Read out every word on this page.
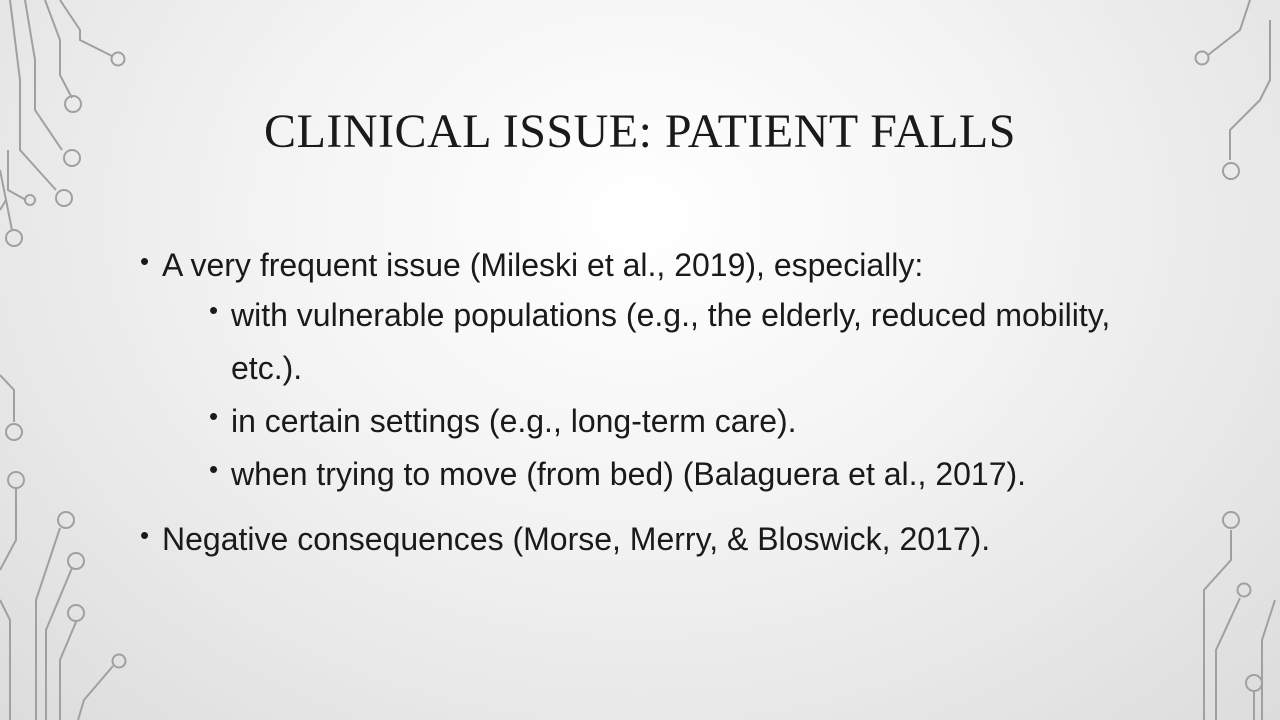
CLINICAL ISSUE: PATIENT FALLS
• A very frequent issue (Mileski et al., 2019), especially:
• with vulnerable populations (e.g., the elderly, reduced mobility, etc.).
• in certain settings (e.g., long-term care).
• when trying to move (from bed) (Balaguera et al., 2017).
• Negative consequences (Morse, Merry, & Bloswick, 2017).
